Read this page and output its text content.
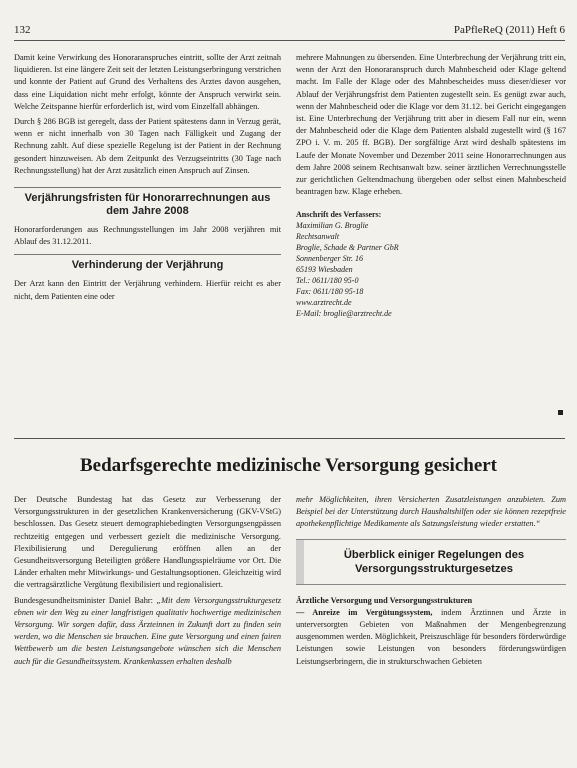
132	PaPfleReQ (2011) Heft 6

Damit keine Verwirkung des Honoraranspruches eintritt, sollte der Arzt zeitnah liquidieren. Ist eine längere Zeit seit der letzten Leistungserbringung verstrichen und konnte der Patient auf Grund des Verhaltens des Arztes davon ausgehen, dass eine Liquidation nicht mehr erfolgt, könnte der Anspruch verwirkt sein. Welche Zeitspanne hierfür erforderlich ist, wird vom Einzelfall abhängen.

Durch § 286 BGB ist geregelt, dass der Patient spätestens dann in Verzug gerät, wenn er nicht innerhalb von 30 Tagen nach Fälligkeit und Zugang der Rechnung zahlt. Auf diese spezielle Regelung ist der Patient in der Rechnung gesondert hinzuweisen. Ab dem Zeitpunkt des Verzugseintritts (30 Tage nach Rechnungsstellung) hat der Arzt zusätzlich einen Anspruch auf Zinsen.

Verjährungsfristen für Honorarrechnungen aus dem Jahre 2008

Honorarforderungen aus Rechnungsstellungen im Jahr 2008 verjähren mit Ablauf des 31.12.2011.

Verhinderung der Verjährung

Der Arzt kann den Eintritt der Verjährung verhindern. Hierfür reicht es aber nicht, dem Patienten eine oder

mehrere Mahnungen zu übersenden. Eine Unterbrechung der Verjährung tritt ein, wenn der Arzt den Honoraranspruch durch Mahnbescheid oder Klage geltend macht. Im Falle der Klage oder des Mahnbescheides muss dieser/dieser vor Ablauf der Verjährungsfrist dem Patienten zugestellt sein. Es genügt zwar auch, wenn der Mahnbescheid oder die Klage vor dem 31.12. bei Gericht eingegangen ist. Eine Unterbrechung der Verjährung tritt aber in diesem Fall nur ein, wenn der Mahnbescheid oder die Klage dem Patienten alsbald zugestellt wird (§ 167 ZPO i. V. m. 205 ff. BGB). Der sorgfältige Arzt wird deshalb spätestens im Laufe der Monate November und Dezember 2011 seine Honorarrechnungen aus dem Jahre 2008 seinem Rechtsanwalt bzw. seiner ärztlichen Verrechnungsstelle zur gerichtlichen Geltendmachung übergeben oder selbst einen Mahnbescheid beantragen bzw. Klage erheben.

Anschrift des Verfassers:
Maximilian G. Broglie
Rechtsanwalt
Broglie, Schade & Partner GbR
Sonnenberger Str. 16
65193 Wiesbaden
Tel.: 0611/180 95-0
Fax: 0611/180 95-18
www.arztrecht.de
E-Mail: broglie@arztrecht.de
Bedarfsgerechte medizinische Versorgung gesichert

Der Deutsche Bundestag hat das Gesetz zur Verbesserung der Versorgungsstrukturen in der gesetzlichen Krankenversicherung (GKV-VStG) beschlossen. Das Gesetz steuert demographiebedingten Versorgungsengpässen rechtzeitig entgegen und verbessert gezielt die medizinische Versorgung. Flexibilisierung und Deregulierung eröffnen allen an der Gesundheitsversorgung Beteiligten größere Handlungsspielräume vor Ort. Die Länder erhalten mehr Mitwirkungs- und Gestaltungsoptionen. Gleichzeitig wird die vertragsärztliche Vergütung flexibilisiert und regionalisiert.

Bundesgesundheitsminister Daniel Bahr: „Mit dem Versorgungsstrukturgesetz ebnen wir den Weg zu einer langfristigen qualitativ hochwertige medizinischen Versorgung. Wir sorgen dafür, dass Ärzteinnen in Zukunft dort zu finden sein werden, wo die Menschen sie brauchen. Eine gute Versorgung und einen fairen Wettbewerb um die besten Leistungsangebote wünschen sich die Menschen auch für die Gesundheitssystem. Krankenkassen erhalten deshalb

mehr Möglichkeiten, ihren Versicherten Zusatzleistungen anzubieten. Zum Beispiel bei der Unterstützung durch Haushaltshilfen oder sie können rezeptfreie apothekenpflichtige Medikamente als Satzungsleistung wieder erstatten.“

Überblick einiger Regelungen des Versorgungsstrukturgesetzes
Ärztliche Versorgung und Versorgungsstrukturen

— Anreize im Vergütungssystem, indem Ärztinnen und Ärzte in unterversorgten Gebieten von Maßnahmen der Mengenbegrenzung ausgenommen werden. Möglichkeit, Preiszuschläge für besonders förderwürdige Leistungen sowie Leistungen von besonders förderungswürdigen Leistungserbringern, die in strukturschwachen Gebieten
